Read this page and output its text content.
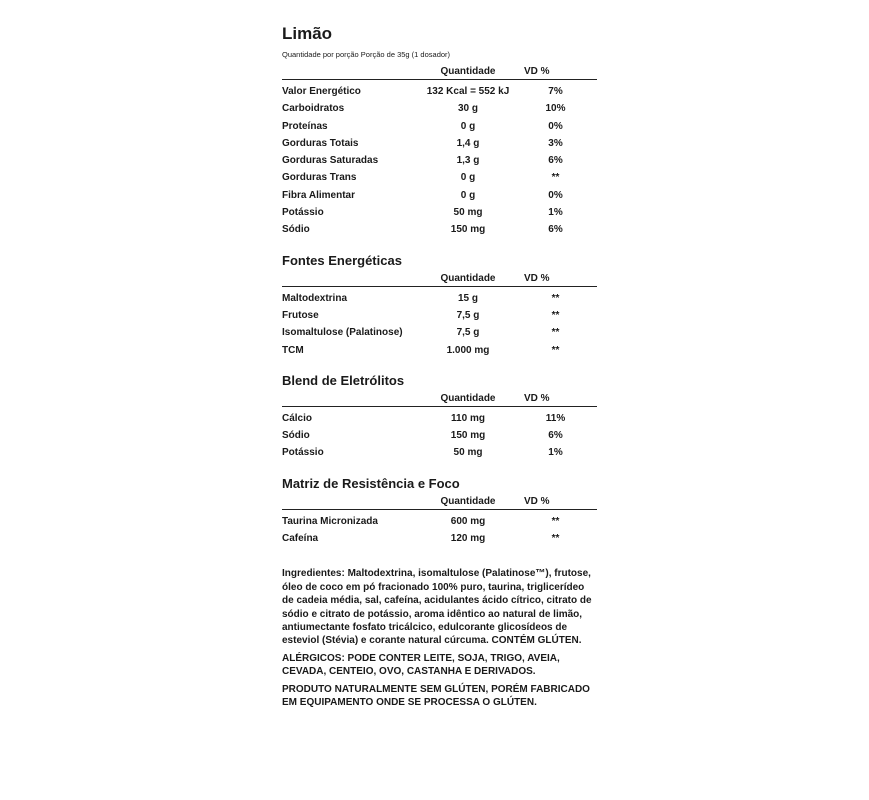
Limão
Quantidade por porção Porção de 35g (1 dosador)
Quantidade	VD %
Valor Energético	132 Kcal = 552 kJ	7%
Carboidratos	30 g	10%
Proteínas	0 g	0%
Gorduras Totais	1,4 g	3%
Gorduras Saturadas	1,3 g	6%
Gorduras Trans	0 g	**
Fibra Alimentar	0 g	0%
Potássio	50 mg	1%
Sódio	150 mg	6%
Fontes Energéticas
Quantidade	VD %
Maltodextrina	15 g	**
Frutose	7,5 g	**
Isomaltulose (Palatinose)	7,5 g	**
TCM	1.000 mg	**
Blend de Eletrólitos
Quantidade	VD %
Cálcio	110 mg	11%
Sódio	150 mg	6%
Potássio	50 mg	1%
Matriz de Resistência e Foco
Quantidade	VD %
Taurina Micronizada	600 mg	**
Cafeína	120 mg	**

Ingredientes: Maltodextrina, isomaltulose (Palatinose™), frutose, óleo de coco em pó fracionado 100% puro, taurina, triglicerídeo de cadeia média, sal, cafeína, acidulantes ácido cítrico, citrato de sódio e citrato de potássio, aroma idêntico ao natural de limão, antiumectante fosfato tricálcico, edulcorante glicosídeos de esteviol (Stévia) e corante natural cúrcuma. CONTÉM GLÚTEN.

ALÉRGICOS: PODE CONTER LEITE, SOJA, TRIGO, AVEIA, CEVADA, CENTEIO, OVO, CASTANHA E DERIVADOS.

PRODUTO NATURALMENTE SEM GLÚTEN, PORÉM FABRICADO EM EQUIPAMENTO ONDE SE PROCESSA O GLÚTEN.
